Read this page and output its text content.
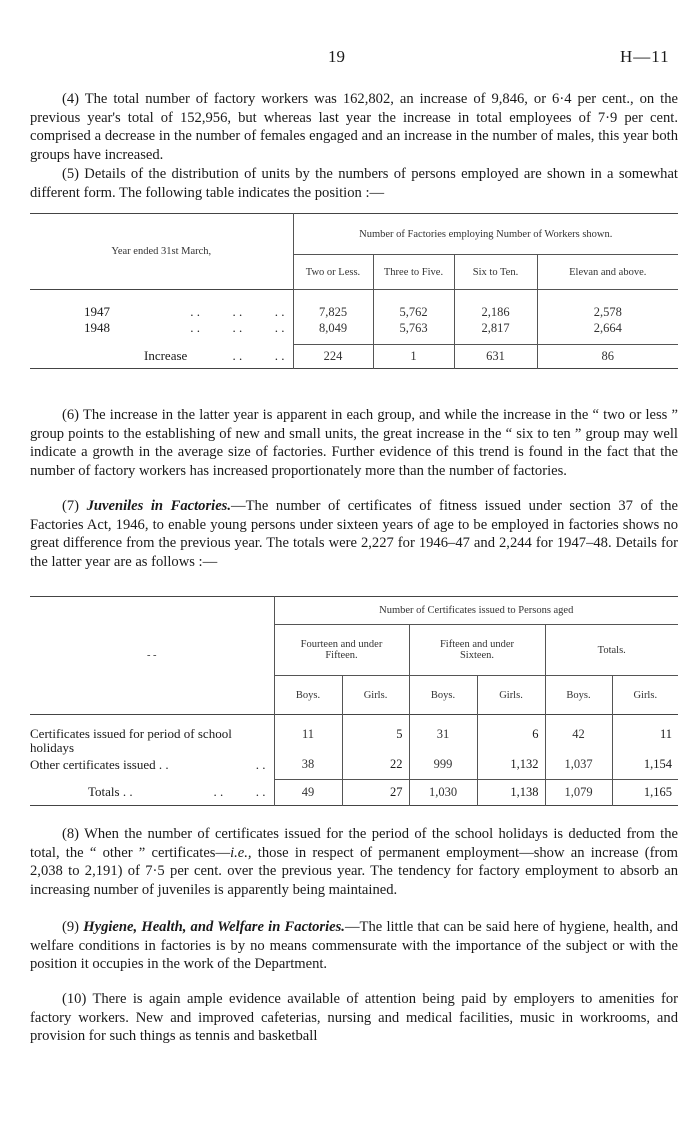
19	H—11

(4) The total number of factory workers was 162,802, an increase of 9,846, or 6·4 per cent., on the previous year's total of 152,956, but whereas last year the increase in total employees of 7·9 per cent. comprised a decrease in the number of females engaged and an increase in the number of males, this year both groups have increased.

(5) Details of the distribution of units by the numbers of persons employed are shown in a somewhat different form. The following table indicates the position :—

Year ended 31st March,	Number of Factories employing Number of Workers shown.			
	Two or Less.	Three to Five.	Six to Ten.	Elevan and above.

1947 . .          . .          . .	7,825	5,762	2,186	2,578
1948 . .          . .          . .	8,049	5,763	2,817	2,664

Increase . .          . .	224	1	631	86

(6) The increase in the latter year is apparent in each group, and while the increase in the “ two or less ” group points to the establishing of new and small units, the great increase in the “ six to ten ” group may well indicate a growth in the average size of factories. Further evidence of this trend is found in the fact that the number of factory workers has increased proportionately more than the number of factories.

(7) Juveniles in Factories.—The number of certificates of fitness issued under section 37 of the Factories Act, 1946, to enable young persons under sixteen years of age to be employed in factories shows no great difference from the previous year. The totals were 2,227 for 1946–47 and 2,244 for 1947–48. Details for the latter year are as follows :—

- -	Number of Certificates issued to Persons aged					
	Fourteen and under Fifteen.		Fifteen and under Sixteen.		Totals.	
	Boys.	Girls.	Boys.	Girls.	Boys.	Girls.

Certificates issued for period of school holidays	11	5	31	6	42	11
Other certificates issued . . . .	38	22	999	1,132	1,037	1,154

Totals . . . .          . .	49	27	1,030	1,138	1,079	1,165

(8) When the number of certificates issued for the period of the school holidays is deducted from the total, the “ other ” certificates—i.e., those in respect of permanent employment—show an increase (from 2,038 to 2,191) of 7·5 per cent. over the previous year. The tendency for factory employment to absorb an increasing number of juveniles is apparently being maintained.

(9) Hygiene, Health, and Welfare in Factories.—The little that can be said here of hygiene, health, and welfare conditions in factories is by no means commensurate with the importance of the subject or with the position it occupies in the work of the Department.

(10) There is again ample evidence available of attention being paid by employers to amenities for factory workers. New and improved cafeterias, nursing and medical facilities, music in workrooms, and provision for such things as tennis and basketball
